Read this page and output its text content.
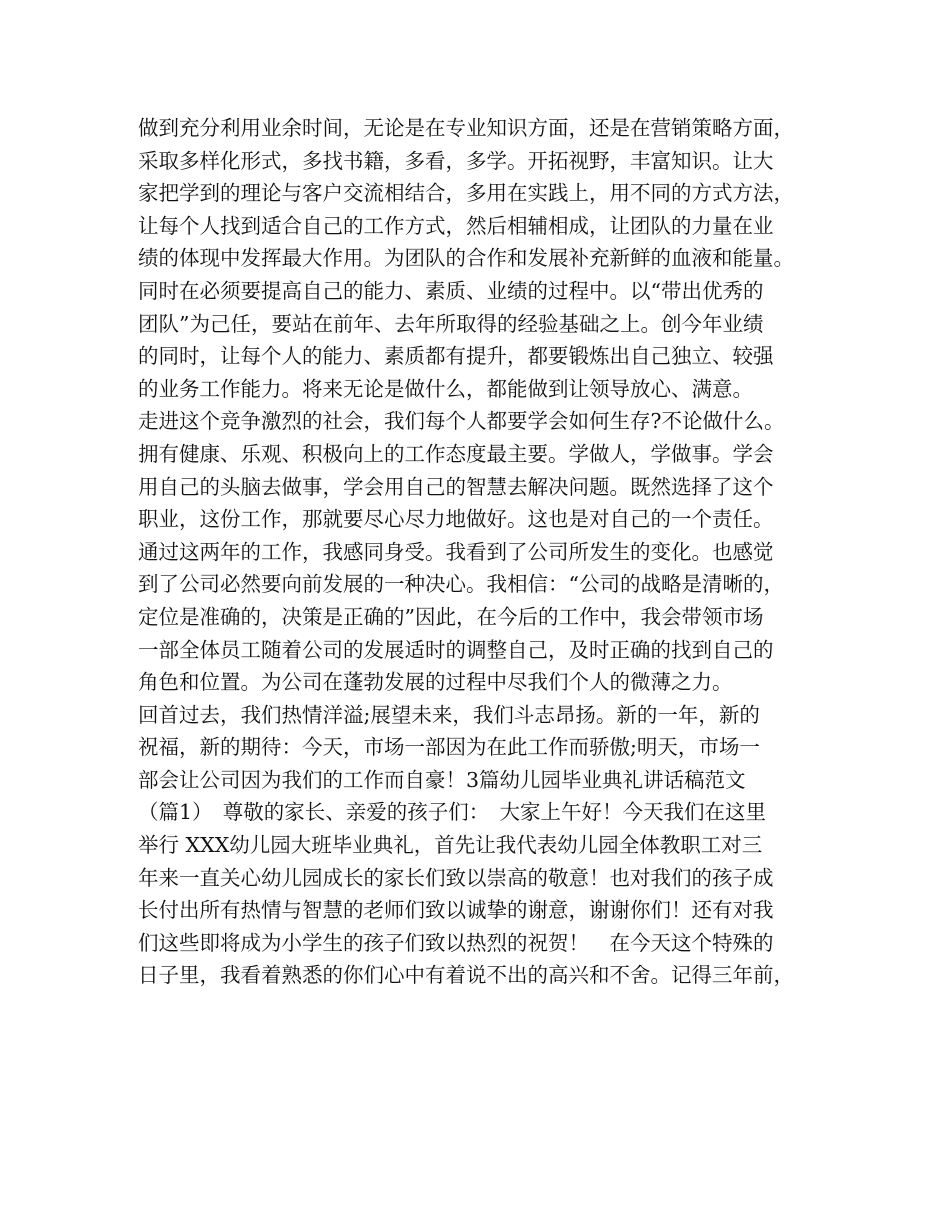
做到充分利用业余时间，无论是在专业知识方面，还是在营销策略方面，
采取多样化形式，多找书籍，多看，多学。开拓视野，丰富知识。让大
家把学到的理论与客户交流相结合，多用在实践上，用不同的方式方法，
让每个人找到适合自己的工作方式，然后相辅相成，让团队的力量在业
绩的体现中发挥最大作用。为团队的合作和发展补充新鲜的血液和能量。
同时在必须要提高自己的能力、素质、业绩的过程中。以“带出优秀的
团队”为己任，要站在前年、去年所取得的经验基础之上。创今年业绩
的同时，让每个人的能力、素质都有提升，都要锻炼出自己独立、较强
的业务工作能力。将来无论是做什么，都能做到让领导放心、满意。
走进这个竞争激烈的社会，我们每个人都要学会如何生存?不论做什么。
拥有健康、乐观、积极向上的工作态度最主要。学做人，学做事。学会
用自己的头脑去做事，学会用自己的智慧去解决问题。既然选择了这个
职业，这份工作，那就要尽心尽力地做好。这也是对自己的一个责任。
通过这两年的工作，我感同身受。我看到了公司所发生的变化。也感觉
到了公司必然要向前发展的一种决心。我相信：“公司的战略是清晰的，
定位是准确的，决策是正确的”因此，在今后的工作中，我会带领市场
一部全体员工随着公司的发展适时的调整自己，及时正确的找到自己的
角色和位置。为公司在蓬勃发展的过程中尽我们个人的微薄之力。
回首过去，我们热情洋溢;展望未来，我们斗志昂扬。新的一年，新的
祝福，新的期待：今天，市场一部因为在此工作而骄傲;明天，市场一
部会让公司因为我们的工作而自豪！3篇幼儿园毕业典礼讲话稿范文
（篇1）　尊敬的家长、亲爱的孩子们：　大家上午好！今天我们在这里
举行 XXX幼儿园大班毕业典礼，首先让我代表幼儿园全体教职工对三
年来一直关心幼儿园成长的家长们致以崇高的敬意！也对我们的孩子成
长付出所有热情与智慧的老师们致以诚挚的谢意，谢谢你们！还有对我
们这些即将成为小学生的孩子们致以热烈的祝贺！　在今天这个特殊的
日子里，我看着熟悉的你们心中有着说不出的高兴和不舍。记得三年前，
